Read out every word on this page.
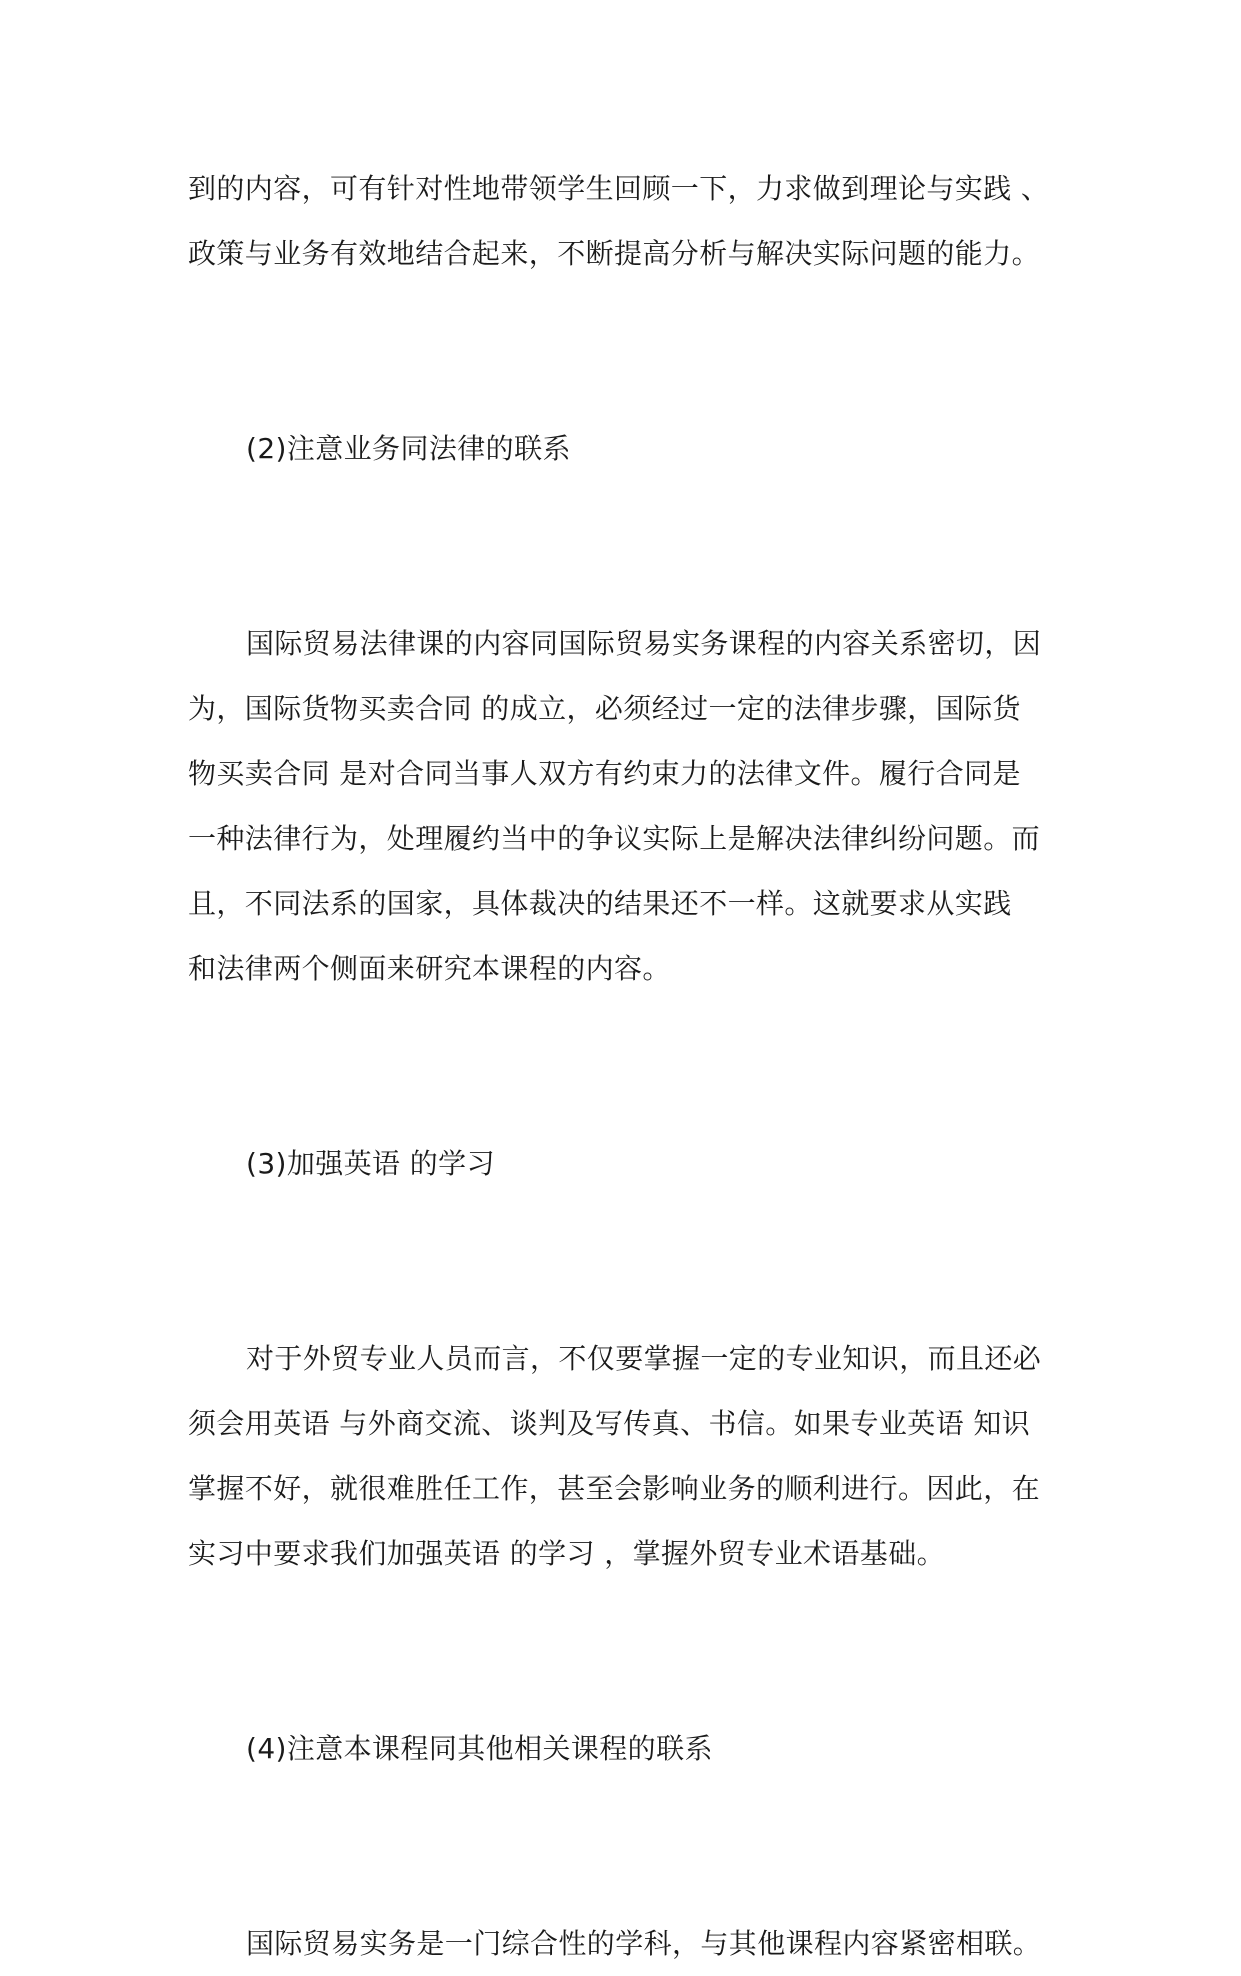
到的内容，可有针对性地带领学生回顾一下，力求做到理论与实践 、
政策与业务有效地结合起来，不断提高分析与解决实际问题的能力。

(2)注意业务同法律的联系

国际贸易法律课的内容同国际贸易实务课程的内容关系密切，因
为，国际货物买卖合同 的成立，必须经过一定的法律步骤，国际货
物买卖合同 是对合同当事人双方有约束力的法律文件。履行合同是
一种法律行为，处理履约当中的争议实际上是解决法律纠纷问题。而
且，不同法系的国家，具体裁决的结果还不一样。这就要求从实践
和法律两个侧面来研究本课程的内容。

(3)加强英语 的学习

对于外贸专业人员而言，不仅要掌握一定的专业知识，而且还必
须会用英语 与外商交流、谈判及写传真、书信。如果专业英语 知识
掌握不好，就很难胜任工作，甚至会影响业务的顺利进行。因此，在
实习中要求我们加强英语 的学习 ，掌握外贸专业术语基础。

(4)注意本课程同其他相关课程的联系

国际贸易实务是一门综合性的学科，与其他课程内容紧密相联。
